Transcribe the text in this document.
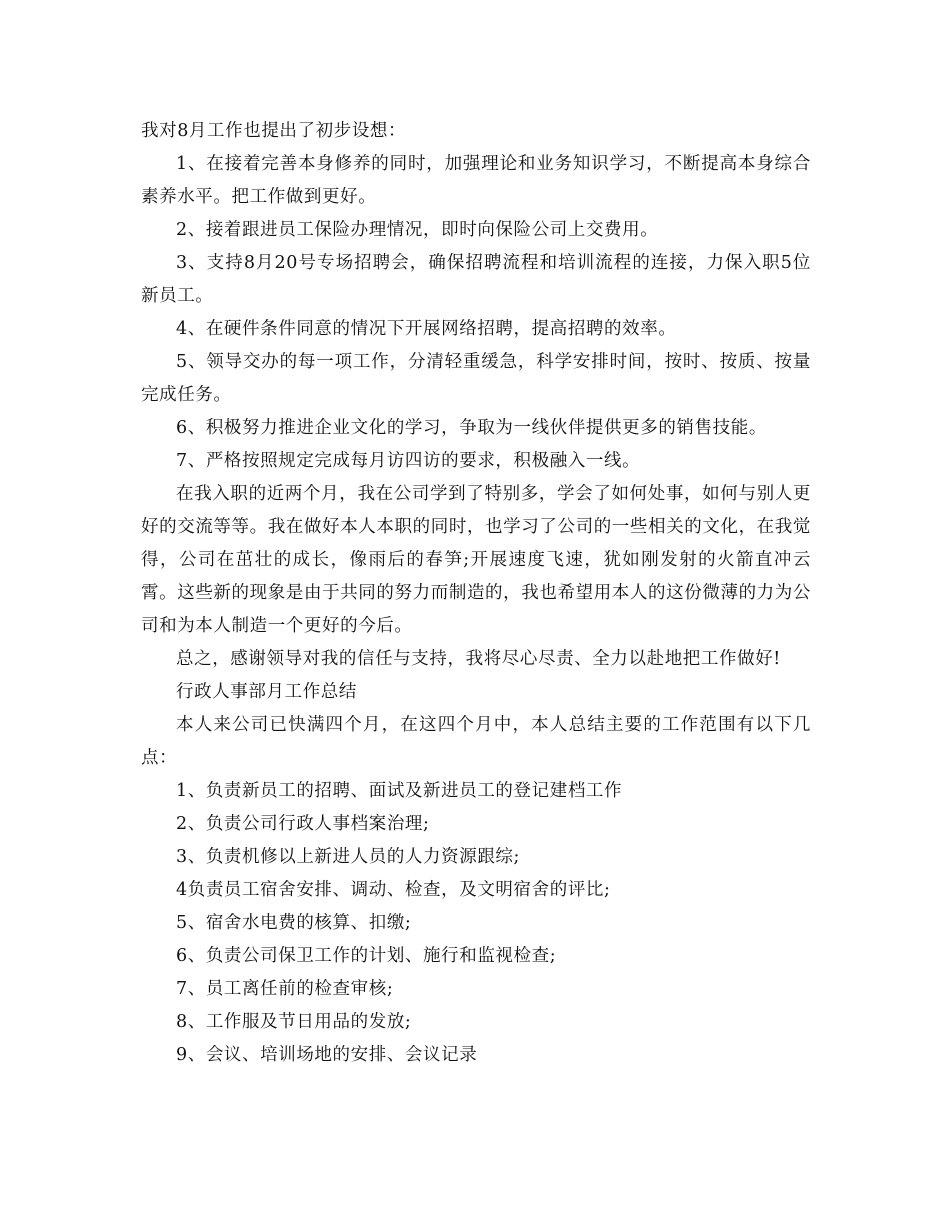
我对8月工作也提出了初步设想：

1、在接着完善本身修养的同时，加强理论和业务知识学习，不断提高本身综合素养水平。把工作做到更好。

2、接着跟进员工保险办理情况，即时向保险公司上交费用。

3、支持8月20号专场招聘会，确保招聘流程和培训流程的连接，力保入职5位新员工。

4、在硬件条件同意的情况下开展网络招聘，提高招聘的效率。

5、领导交办的每一项工作，分清轻重缓急，科学安排时间，按时、按质、按量完成任务。

6、积极努力推进企业文化的学习，争取为一线伙伴提供更多的销售技能。

7、严格按照规定完成每月访四访的要求，积极融入一线。

在我入职的近两个月，我在公司学到了特别多，学会了如何处事，如何与别人更好的交流等等。我在做好本人本职的同时，也学习了公司的一些相关的文化，在我觉得，公司在茁壮的成长，像雨后的春笋;开展速度飞速，犹如刚发射的火箭直冲云霄。这些新的现象是由于共同的努力而制造的，我也希望用本人的这份微薄的力为公司和为本人制造一个更好的今后。

总之，感谢领导对我的信任与支持，我将尽心尽责、全力以赴地把工作做好!

行政人事部月工作总结

本人来公司已快满四个月，在这四个月中，本人总结主要的工作范围有以下几点：

1、负责新员工的招聘、面试及新进员工的登记建档工作

2、负责公司行政人事档案治理;

3、负责机修以上新进人员的人力资源跟综;

4负责员工宿舍安排、调动、检查，及文明宿舍的评比;

5、宿舍水电费的核算、扣缴;

6、负责公司保卫工作的计划、施行和监视检查;

7、员工离任前的检查审核;

8、工作服及节日用品的发放;

9、会议、培训场地的安排、会议记录
